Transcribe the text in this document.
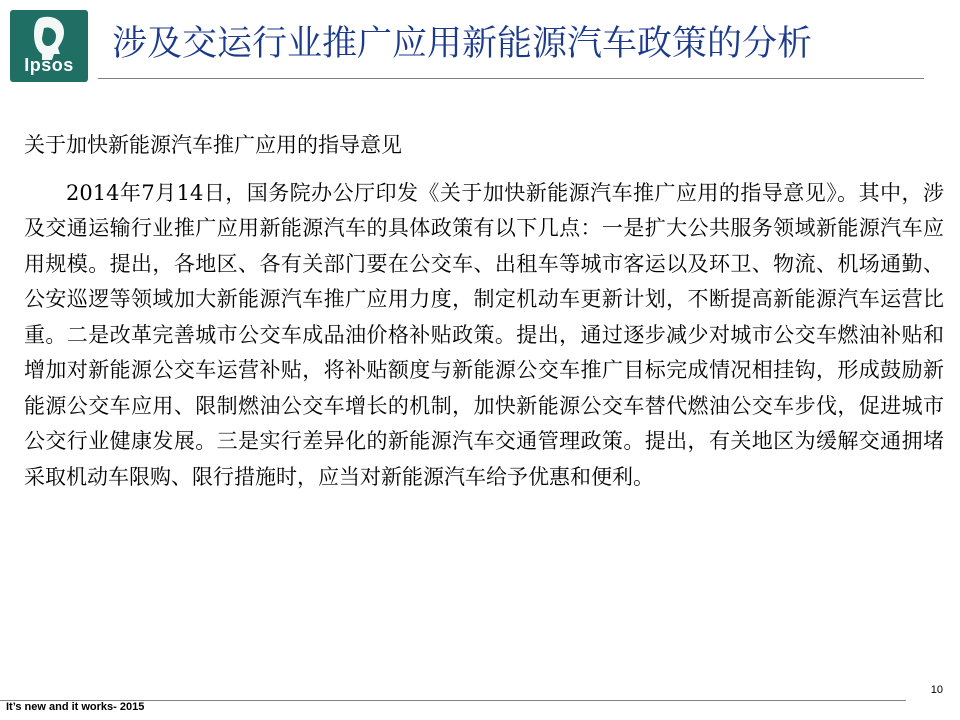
Ipsos
涉及交运行业推广应用新能源汽车政策的分析

关于加快新能源汽车推广应用的指导意见

2014年7月14日，国务院办公厅印发《关于加快新能源汽车推广应用的指导意见》。其中，涉及交通运输行业推广应用新能源汽车的具体政策有以下几点：一是扩大公共服务领域新能源汽车应用规模。提出，各地区、各有关部门要在公交车、出租车等城市客运以及环卫、物流、机场通勤、公安巡逻等领域加大新能源汽车推广应用力度，制定机动车更新计划，不断提高新能源汽车运营比重。二是改革完善城市公交车成品油价格补贴政策。提出，通过逐步减少对城市公交车燃油补贴和增加对新能源公交车运营补贴，将补贴额度与新能源公交车推广目标完成情况相挂钩，形成鼓励新能源公交车应用、限制燃油公交车增长的机制，加快新能源公交车替代燃油公交车步伐，促进城市公交行业健康发展。三是实行差异化的新能源汽车交通管理政策。提出，有关地区为缓解交通拥堵采取机动车限购、限行措施时，应当对新能源汽车给予优惠和便利。

10
It’s new and it works- 2015
